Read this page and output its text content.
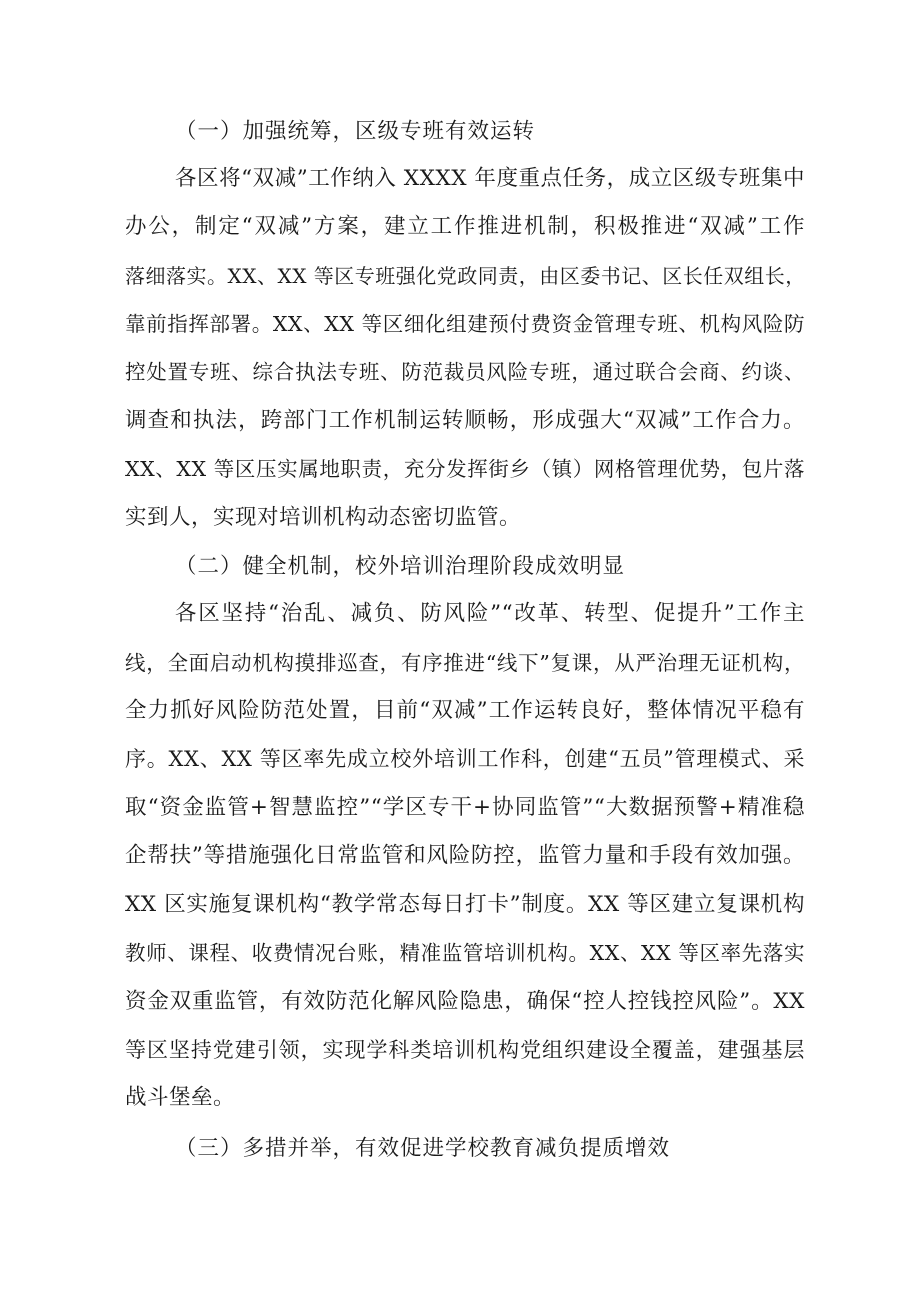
（一）加强统筹，区级专班有效运转
各区将“双减”工作纳入 XXXX 年度重点任务，成立区级专班集中
办公，制定“双减”方案，建立工作推进机制，积极推进“双减”工作
落细落实。XX、XX 等区专班强化党政同责，由区委书记、区长任双组长，
靠前指挥部署。XX、XX 等区细化组建预付费资金管理专班、机构风险防
控处置专班、综合执法专班、防范裁员风险专班，通过联合会商、约谈、
调查和执法，跨部门工作机制运转顺畅，形成强大“双减”工作合力。
XX、XX 等区压实属地职责，充分发挥街乡（镇）网格管理优势，包片落
实到人，实现对培训机构动态密切监管。
（二）健全机制，校外培训治理阶段成效明显
各区坚持“治乱、减负、防风险”“改革、转型、促提升”工作主
线，全面启动机构摸排巡查，有序推进“线下”复课，从严治理无证机构，
全力抓好风险防范处置，目前“双减”工作运转良好，整体情况平稳有
序。XX、XX 等区率先成立校外培训工作科，创建“五员”管理模式、采
取“资金监管+智慧监控”“学区专干+协同监管”“大数据预警+精准稳
企帮扶”等措施强化日常监管和风险防控，监管力量和手段有效加强。
XX 区实施复课机构“教学常态每日打卡”制度。XX 等区建立复课机构
教师、课程、收费情况台账，精准监管培训机构。XX、XX 等区率先落实
资金双重监管，有效防范化解风险隐患，确保“控人控钱控风险”。XX
等区坚持党建引领，实现学科类培训机构党组织建设全覆盖，建强基层
战斗堡垒。
（三）多措并举，有效促进学校教育减负提质增效
